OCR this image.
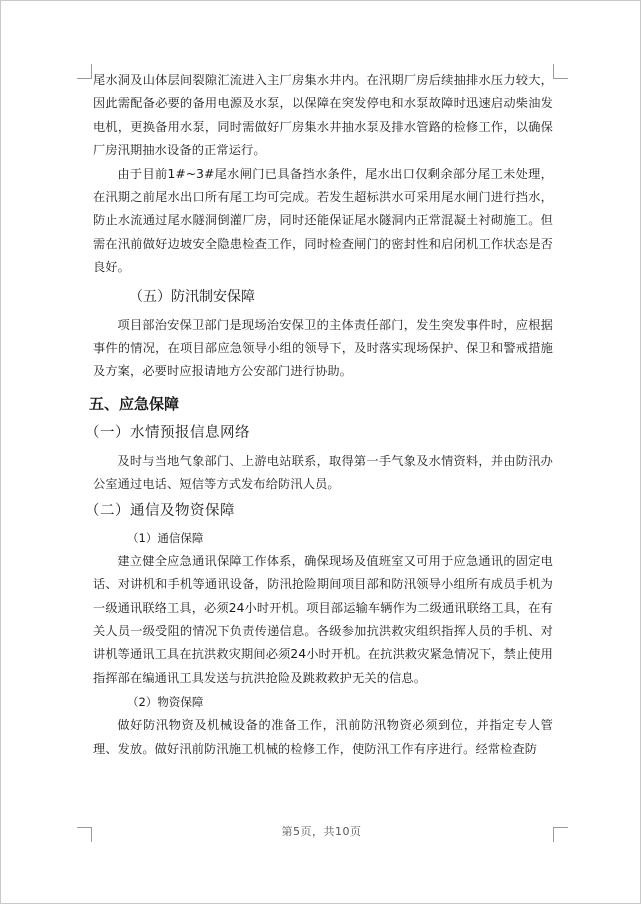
尾水洞及山体层间裂隙汇流进入主厂房集水井内。在汛期厂房后续抽排水压力较大，因此需配备必要的备用电源及水泵，以保障在突发停电和水泵故障时迅速启动柴油发电机，更换备用水泵，同时需做好厂房集水井抽水泵及排水管路的检修工作，以确保厂房汛期抽水设备的正常运行。

由于目前1#~3#尾水闸门已具备挡水条件，尾水出口仅剩余部分尾工未处理，在汛期之前尾水出口所有尾工均可完成。若发生超标洪水可采用尾水闸门进行挡水，防止水流通过尾水隧洞倒灌厂房，同时还能保证尾水隧洞内正常混凝土衬砌施工。但需在汛前做好边坡安全隐患检查工作，同时检查闸门的密封性和启闭机工作状态是否良好。

（五）防汛制安保障

项目部治安保卫部门是现场治安保卫的主体责任部门，发生突发事件时，应根据事件的情况，在项目部应急领导小组的领导下，及时落实现场保护、保卫和警戒措施及方案，必要时应报请地方公安部门进行协助。

五、应急保障
（一）水情预报信息网络

及时与当地气象部门、上游电站联系，取得第一手气象及水情资料，并由防汛办公室通过电话、短信等方式发布给防汛人员。

（二）通信及物资保障

（1）通信保障

建立健全应急通讯保障工作体系，确保现场及值班室又可用于应急通讯的固定电话、对讲机和手机等通讯设备，防汛抢险期间项目部和防汛领导小组所有成员手机为一级通讯联络工具，必须24小时开机。项目部运输车辆作为二级通讯联络工具，在有关人员一级受阻的情况下负责传递信息。各级参加抗洪救灾组织指挥人员的手机、对讲机等通讯工具在抗洪救灾期间必须24小时开机。在抗洪救灾紧急情况下，禁止使用指挥部在编通讯工具发送与抗洪抢险及跳救救护无关的信息。

（2）物资保障

做好防汛物资及机械设备的准备工作，汛前防汛物资必须到位，并指定专人管理、发放。做好汛前防汛施工机械的检修工作，使防汛工作有序进行。经常检查防

第5页，共10页
